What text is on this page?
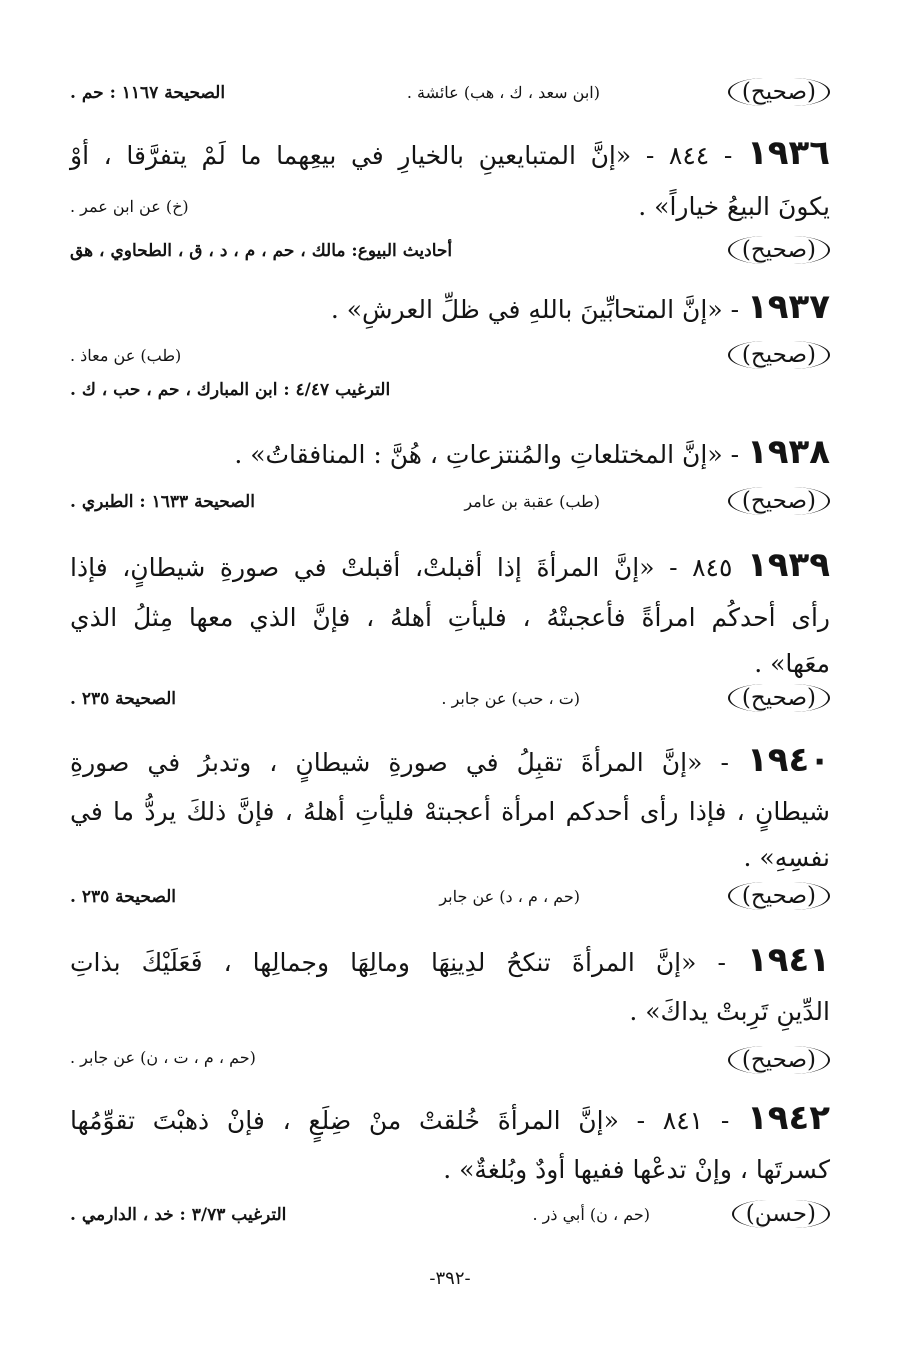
(صحيح)
(ابن سعد ، ك ، هب) عائشة .
الصحيحة ١١٦٧ : حم .
١٩٣٦ - ٨٤٤ - «إنَّ المتبايعينِ بالخيارِ في بيعِهما ما لَمْ يتفرَّقا ، أوْ
يكونَ البيعُ خياراً» .
(خ) عن ابن عمر .
(صحيح)
أحاديث البيوع: مالك ، حم ، م ، د ، ق ، الطحاوي ، هق
١٩٣٧ - «إنَّ المتحابِّينَ باللهِ في ظلِّ العرشِ» .
(صحيح)
(طب) عن معاذ .
الترغيب ٤/٤٧ : ابن المبارك ، حم ، حب ، ك .
١٩٣٨ - «إنَّ المختلعاتِ والمُنتزعاتِ ، هُنَّ : المنافقاتُ» .
(صحيح)
(طب) عقبة بن عامر
الصحيحة ١٦٣٣ : الطبري .
١٩٣٩ ٨٤٥ - «إنَّ المرأةَ إذا أقبلتْ، أقبلتْ في صورةِ شيطانٍ، فإذا
رأى أحدكُم امرأةً فأعجبتْهُ ، فليأتِ أهلهُ ، فإنَّ الذي معها مِثلُ الذي
معَها» .
(صحيح)
(ت ، حب) عن جابر .
الصحيحة ٢٣٥ .
١٩٤٠ - «إنَّ المرأةَ تقبِلُ في صورةِ شيطانٍ ، وتدبرُ في صورةِ
شيطانٍ ، فإذا رأى أحدكم امرأة أعجبتهْ فليأتِ أهلهُ ، فإنَّ ذلكَ يردُّ ما في
نفسِهِ» .
(صحيح)
(حم ، م ، د) عن جابر
الصحيحة ٢٣٥ .
١٩٤١ - «إنَّ المرأةَ تنكحُ لدِينِهَا ومالِهَا وجمالِها ، فَعَلَيْكَ بذاتِ
الدِّينِ تَرِبتْ يداكَ» .
(حم ، م ، ت ، ن) عن جابر .	(صحيح)
١٩٤٢ - ٨٤١ - «إنَّ المرأةَ خُلقتْ منْ ضِلَعٍ ، فإنْ ذهبْتَ تقوِّمُها
كسرتَها ، وإنْ تدعْها ففيها أودٌ وبُلغةٌ» .
(حسن)
(حم ، ن) أبي ذر .
الترغيب ٣/٧٣ : خد ، الدارمي .
-٣٩٢-
